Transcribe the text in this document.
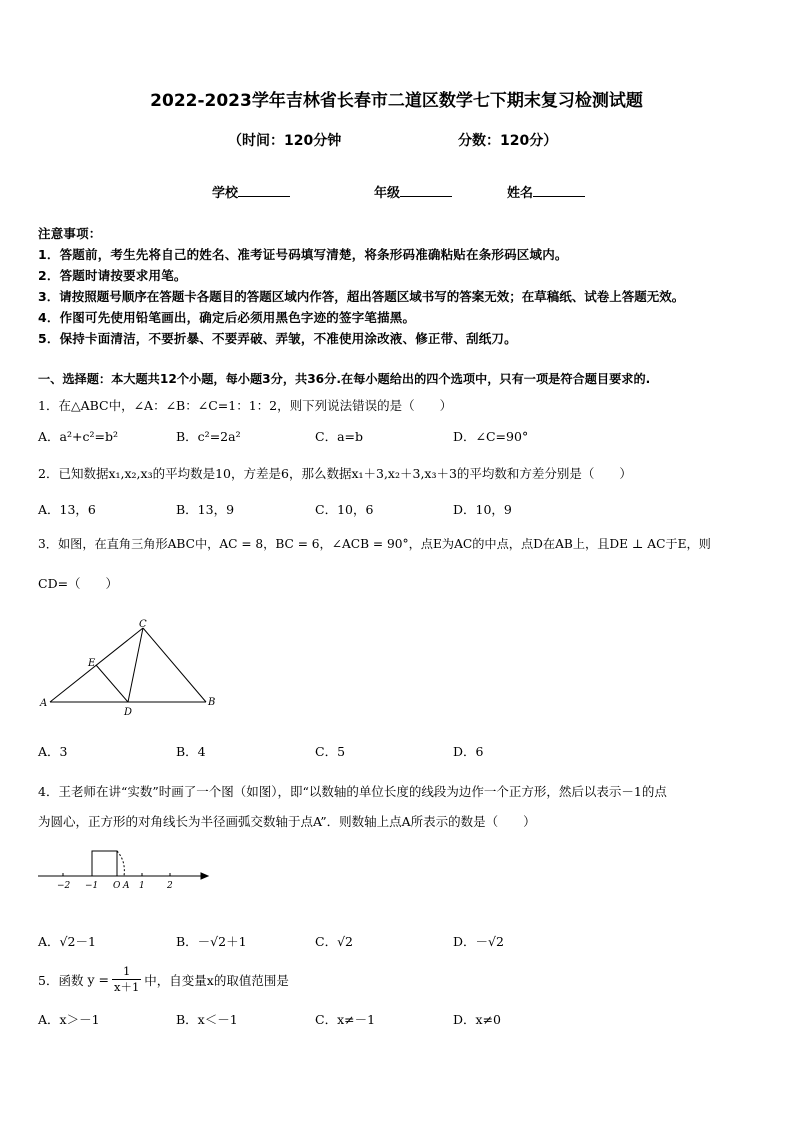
2022-2023学年吉林省长春市二道区数学七下期末复习检测试题
（时间：120分钟	分数：120分）
学校	年级	姓名
注意事项：
1．答题前，考生先将自己的姓名、准考证号码填写清楚，将条形码准确粘贴在条形码区域内。
2．答题时请按要求用笔。
3．请按照题号顺序在答题卡各题目的答题区域内作答，超出答题区域书写的答案无效；在草稿纸、试卷上答题无效。
4．作图可先使用铅笔画出，确定后必须用黑色字迹的签字笔描黑。
5．保持卡面清洁，不要折暴、不要弄破、弄皱，不准使用涂改液、修正带、刮纸刀。
一、选择题：本大题共12个小题，每小题3分，共36分.在每小题给出的四个选项中，只有一项是符合题目要求的.
1．在△ABC中，∠A：∠B：∠C=1：1：2，则下列说法错误的是（　　）
A．a²+c²=b²	B．c²=2a²	C．a=b	D．∠C=90°
2．已知数据x₁,x₂,x₃的平均数是10，方差是6，那么数据x₁＋3,x₂＋3,x₃＋3的平均数和方差分别是（　　）
A．13，6	B．13，9	C．10，6	D．10，9
3．如图，在直角三角形ABC中，AC = 8，BC = 6，∠ACB = 90°，点E为AC的中点，点D在AB上，且DE ⊥ AC于E，则
CD=（　　）
A	B
C
D
E
A．3	B．4	C．5	D．6
4．王老师在讲“实数”时画了一个图（如图），即“以数轴的单位长度的线段为边作一个正方形，然后以表示－1的点
为圆心，正方形的对角线长为半径画弧交数轴于点A”．则数轴上点A所表示的数是（　　）
−2 −1 O A 1 2
A．√2－1	B．－√2＋1	C．√2	D．－√2
5．函数 $y = \frac{1}{x+1}$ 中，自变量x的取值范围是
A．x＞－1	B．x＜－1	C．x≠－1	D．x≠0
